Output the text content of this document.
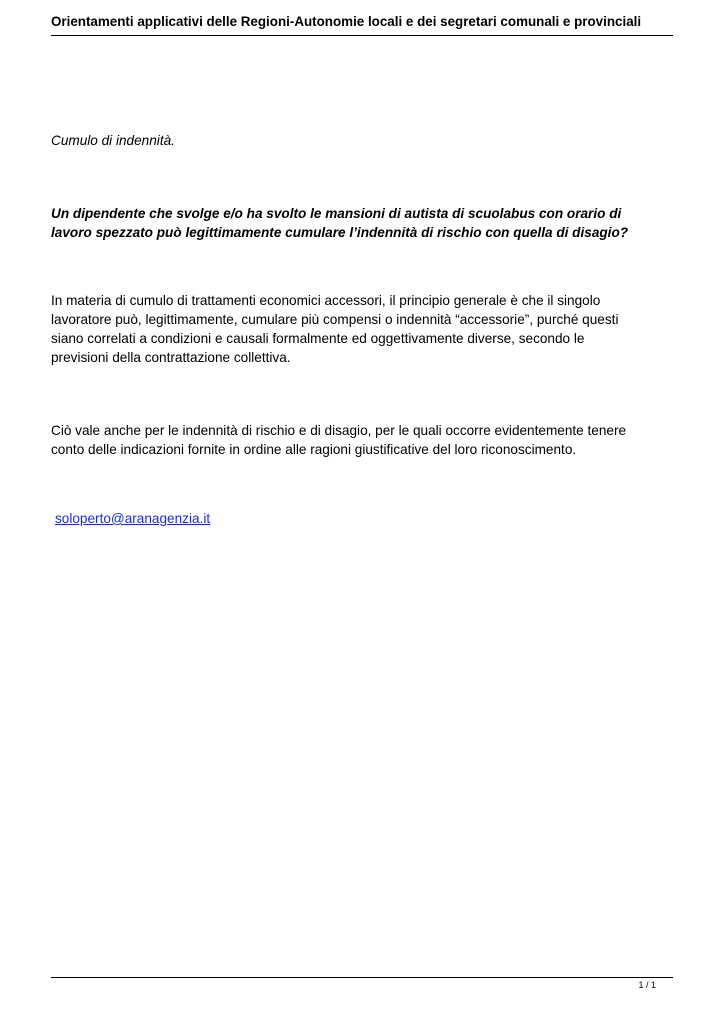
Orientamenti applicativi delle Regioni-Autonomie locali e dei segretari comunali e provinciali
Cumulo di indennità.
Un dipendente che svolge e/o ha svolto le mansioni di autista di scuolabus con orario di
lavoro spezzato può legittimamente cumulare l’indennità di rischio con quella di disagio?
In materia di cumulo di trattamenti economici accessori, il principio generale è che il singolo
lavoratore può, legittimamente, cumulare più compensi o indennità “accessorie”, purché questi
siano correlati a condizioni e causali formalmente ed oggettivamente diverse, secondo le
previsioni della contrattazione collettiva.
Ciò vale anche per le indennità di rischio e di disagio, per le quali occorre evidentemente tenere
conto delle indicazioni fornite in ordine alle ragioni giustificative del loro riconoscimento.
soloperto@aranagenzia.it
1 / 1
